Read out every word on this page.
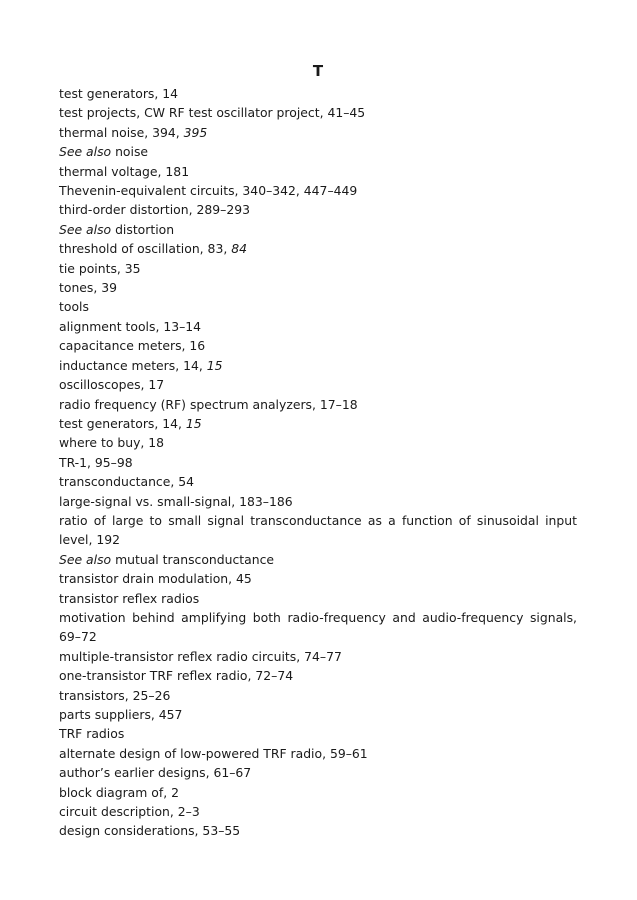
T

test generators, 14

test projects, CW RF test oscillator project, 41–45

thermal noise, 394, 395

See also noise

thermal voltage, 181

Thevenin-equivalent circuits, 340–342, 447–449

third-order distortion, 289–293

See also distortion

threshold of oscillation, 83, 84

tie points, 35

tones, 39

tools

alignment tools, 13–14

capacitance meters, 16

inductance meters, 14, 15

oscilloscopes, 17

radio frequency (RF) spectrum analyzers, 17–18

test generators, 14, 15

where to buy, 18

TR-1, 95–98

transconductance, 54

large-signal vs. small-signal, 183–186

ratio of large to small signal transconductance as a function of sinusoidal input level, 192

See also mutual transconductance

transistor drain modulation, 45

transistor reflex radios

motivation behind amplifying both radio-frequency and audio-frequency signals, 69–72

multiple-transistor reflex radio circuits, 74–77

one-transistor TRF reflex radio, 72–74

transistors, 25–26

parts suppliers, 457

TRF radios

alternate design of low-powered TRF radio, 59–61

author’s earlier designs, 61–67

block diagram of, 2

circuit description, 2–3

design considerations, 53–55
